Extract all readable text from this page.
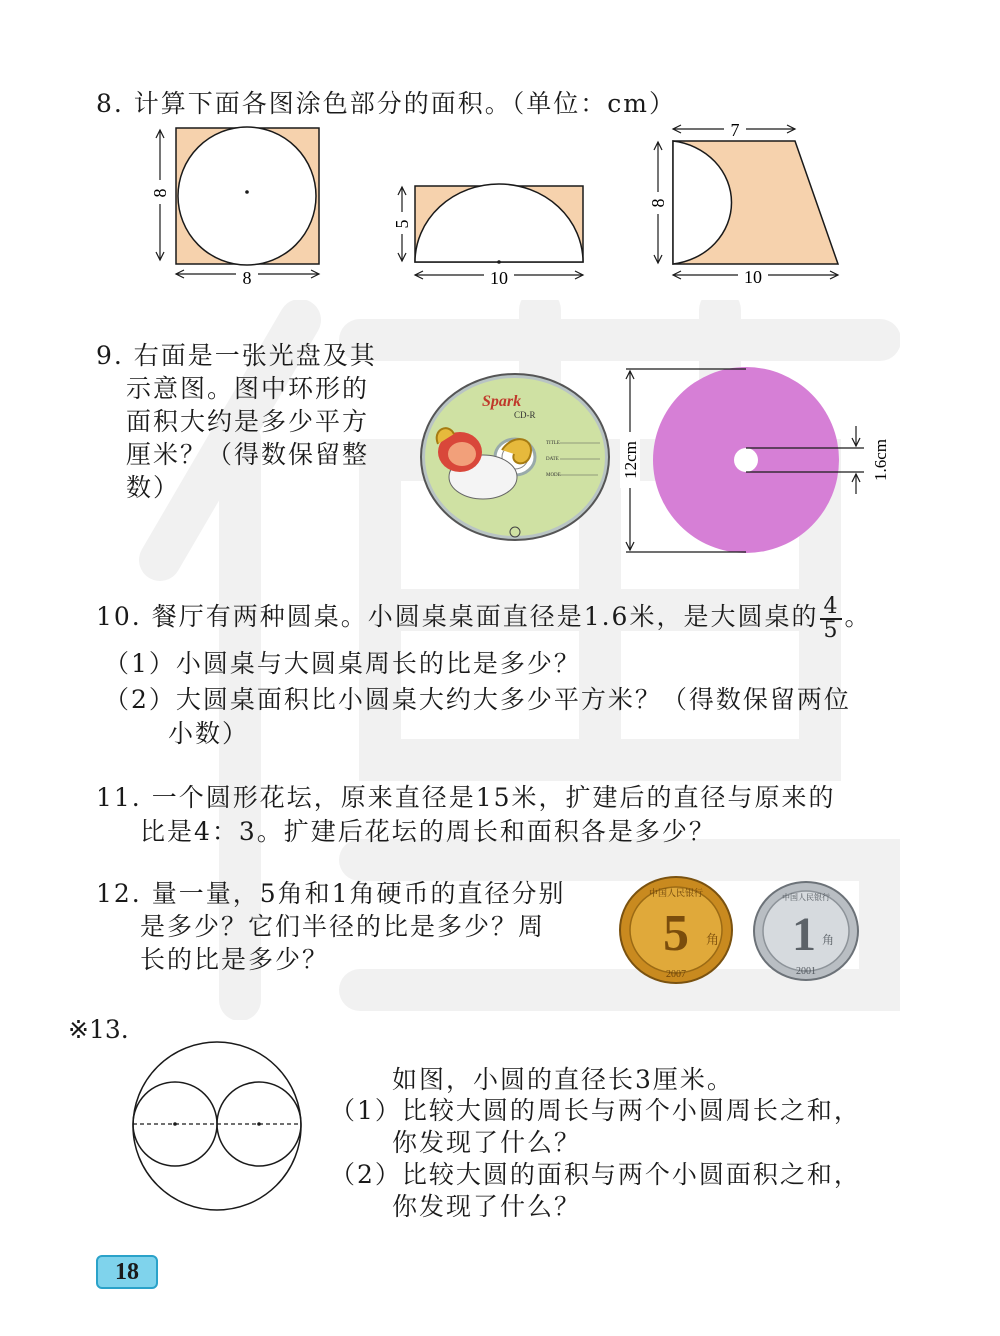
8. 计算下面各图涂色部分的面积。（单位：cm）
8
8
5
10
7
8
10
9. 右面是一张光盘及其
示意图。图中环形的
面积大约是多少平方
厘米？（得数保留整
数）
Spark
CD-R
TITLE
DATE
MODE	12cm	1.6cm
10. 餐厅有两种圆桌。小圆桌桌面直径是1.6米，是大圆桌的 $\frac{4}{5}$ 。
（1）小圆桌与大圆桌周长的比是多少？
（2）大圆桌面积比小圆桌大约大多少平方米？（得数保留两位
小数）
11. 一个圆形花坛，原来直径是15米，扩建后的直径与原来的
比是4：3。扩建后花坛的周长和面积各是多少？
12. 量一量，5角和1角硬币的直径分别
是多少？它们半径的比是多少？周
长的比是多少？	5 角
2007
中国人民银行
1 角
2001
中国人民银行
※13.
如图，小圆的直径长3厘米。
（1）比较大圆的周长与两个小圆周长之和，
你发现了什么？
（2）比较大圆的面积与两个小圆面积之和，
你发现了什么？
18
